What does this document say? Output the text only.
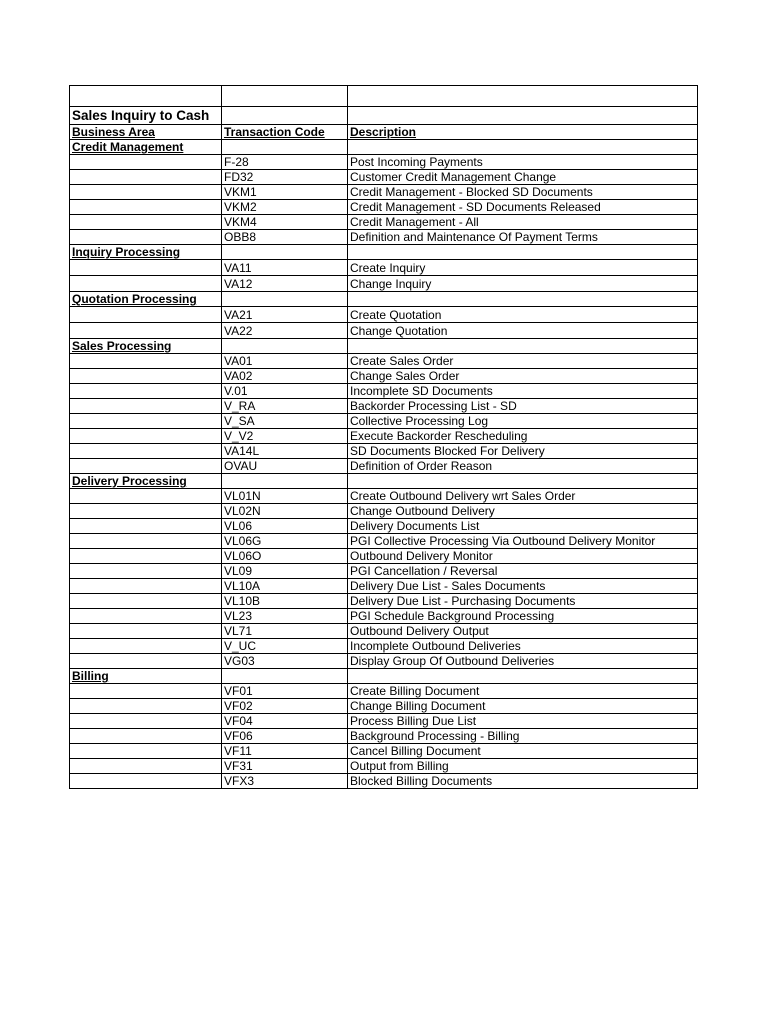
Sales Inquiry to Cash		
Business Area	Transaction Code	Description
Credit Management		
	F-28	Post Incoming Payments
	FD32	Customer Credit Management Change
	VKM1	Credit Management - Blocked SD Documents
	VKM2	Credit Management - SD Documents Released
	VKM4	Credit Management - All
	OBB8	Definition and Maintenance Of Payment Terms
Inquiry Processing		
	VA11	Create Inquiry
	VA12	Change Inquiry
Quotation Processing		
	VA21	Create Quotation
	VA22	Change Quotation
Sales Processing		
	VA01	Create Sales Order
	VA02	Change Sales Order
	V.01	Incomplete SD Documents
	V_RA	Backorder Processing List - SD
	V_SA	Collective Processing Log
	V_V2	Execute Backorder Rescheduling
	VA14L	SD Documents Blocked For Delivery
	OVAU	Definition of Order Reason
Delivery Processing		
	VL01N	Create Outbound Delivery wrt Sales Order
	VL02N	Change Outbound Delivery
	VL06	Delivery Documents List
	VL06G	PGI Collective Processing Via Outbound Delivery Monitor
	VL06O	Outbound Delivery Monitor
	VL09	PGI Cancellation / Reversal
	VL10A	Delivery Due List - Sales Documents
	VL10B	Delivery Due List - Purchasing Documents
	VL23	PGI Schedule Background Processing
	VL71	Outbound Delivery Output
	V_UC	Incomplete Outbound Deliveries
	VG03	Display Group Of Outbound Deliveries
Billing		
	VF01	Create Billing Document
	VF02	Change Billing Document
	VF04	Process Billing Due List
	VF06	Background Processing - Billing
	VF11	Cancel Billing Document
	VF31	Output from Billing
	VFX3	Blocked Billing Documents
